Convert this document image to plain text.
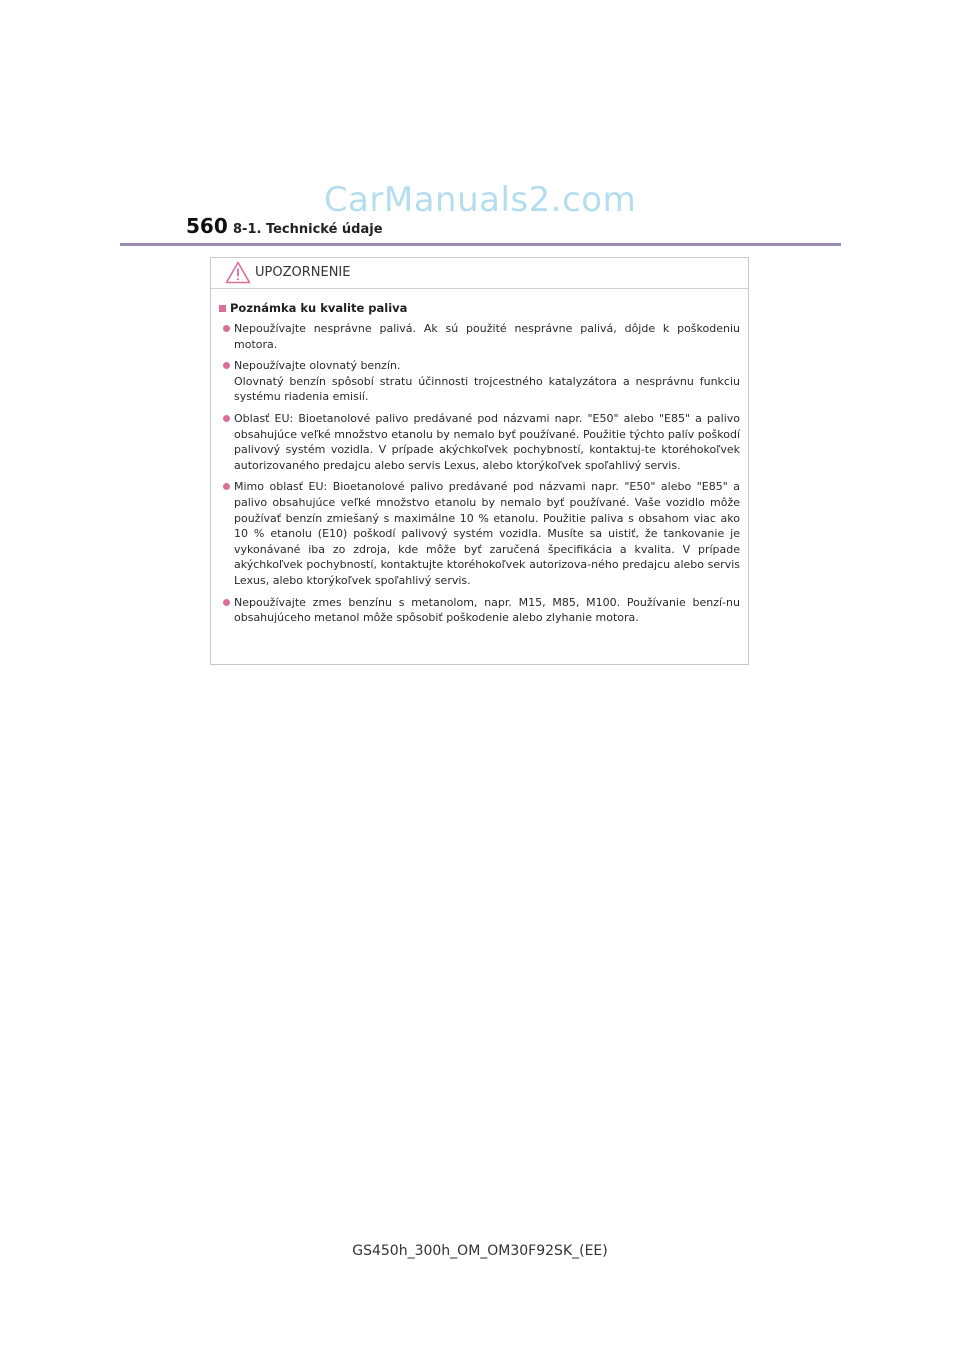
CarManuals2.com
560 8-1. Technické údaje
UPOZORNENIE
Poznámka ku kvalite paliva
Nepoužívajte nesprávne palivá. Ak sú použité nesprávne palivá, dôjde k poškodeniu motora.
Nepoužívajte olovnatý benzín.
Olovnatý benzín spôsobí stratu účinnosti trojcestného katalyzátora a nesprávnu funkciu systému riadenia emisií.
Oblasť EU: Bioetanolové palivo predávané pod názvami napr. "E50" alebo "E85" a palivo obsahujúce veľké množstvo etanolu by nemalo byť používané. Použitie týchto palív poškodí palivový systém vozidla. V prípade akýchkoľvek pochybností, kontaktuj-te ktoréhokoľvek autorizovaného predajcu alebo servis Lexus, alebo ktorýkoľvek spoľahlivý servis.
Mimo oblasť EU: Bioetanolové palivo predávané pod názvami napr. "E50" alebo "E85" a palivo obsahujúce veľké množstvo etanolu by nemalo byť používané. Vaše vozidlo môže používať benzín zmiešaný s maximálne 10 % etanolu. Použitie paliva s obsahom viac ako 10 % etanolu (E10) poškodí palivový systém vozidla. Musíte sa uistiť, že tankovanie je vykonávané iba zo zdroja, kde môže byť zaručená špecifikácia a kvalita. V prípade akýchkoľvek pochybností, kontaktujte ktoréhokoľvek autorizova-ného predajcu alebo servis Lexus, alebo ktorýkoľvek spoľahlivý servis.
Nepoužívajte zmes benzínu s metanolom, napr. M15, M85, M100. Používanie benzí-nu obsahujúceho metanol môže spôsobiť poškodenie alebo zlyhanie motora.
GS450h_300h_OM_OM30F92SK_(EE)
